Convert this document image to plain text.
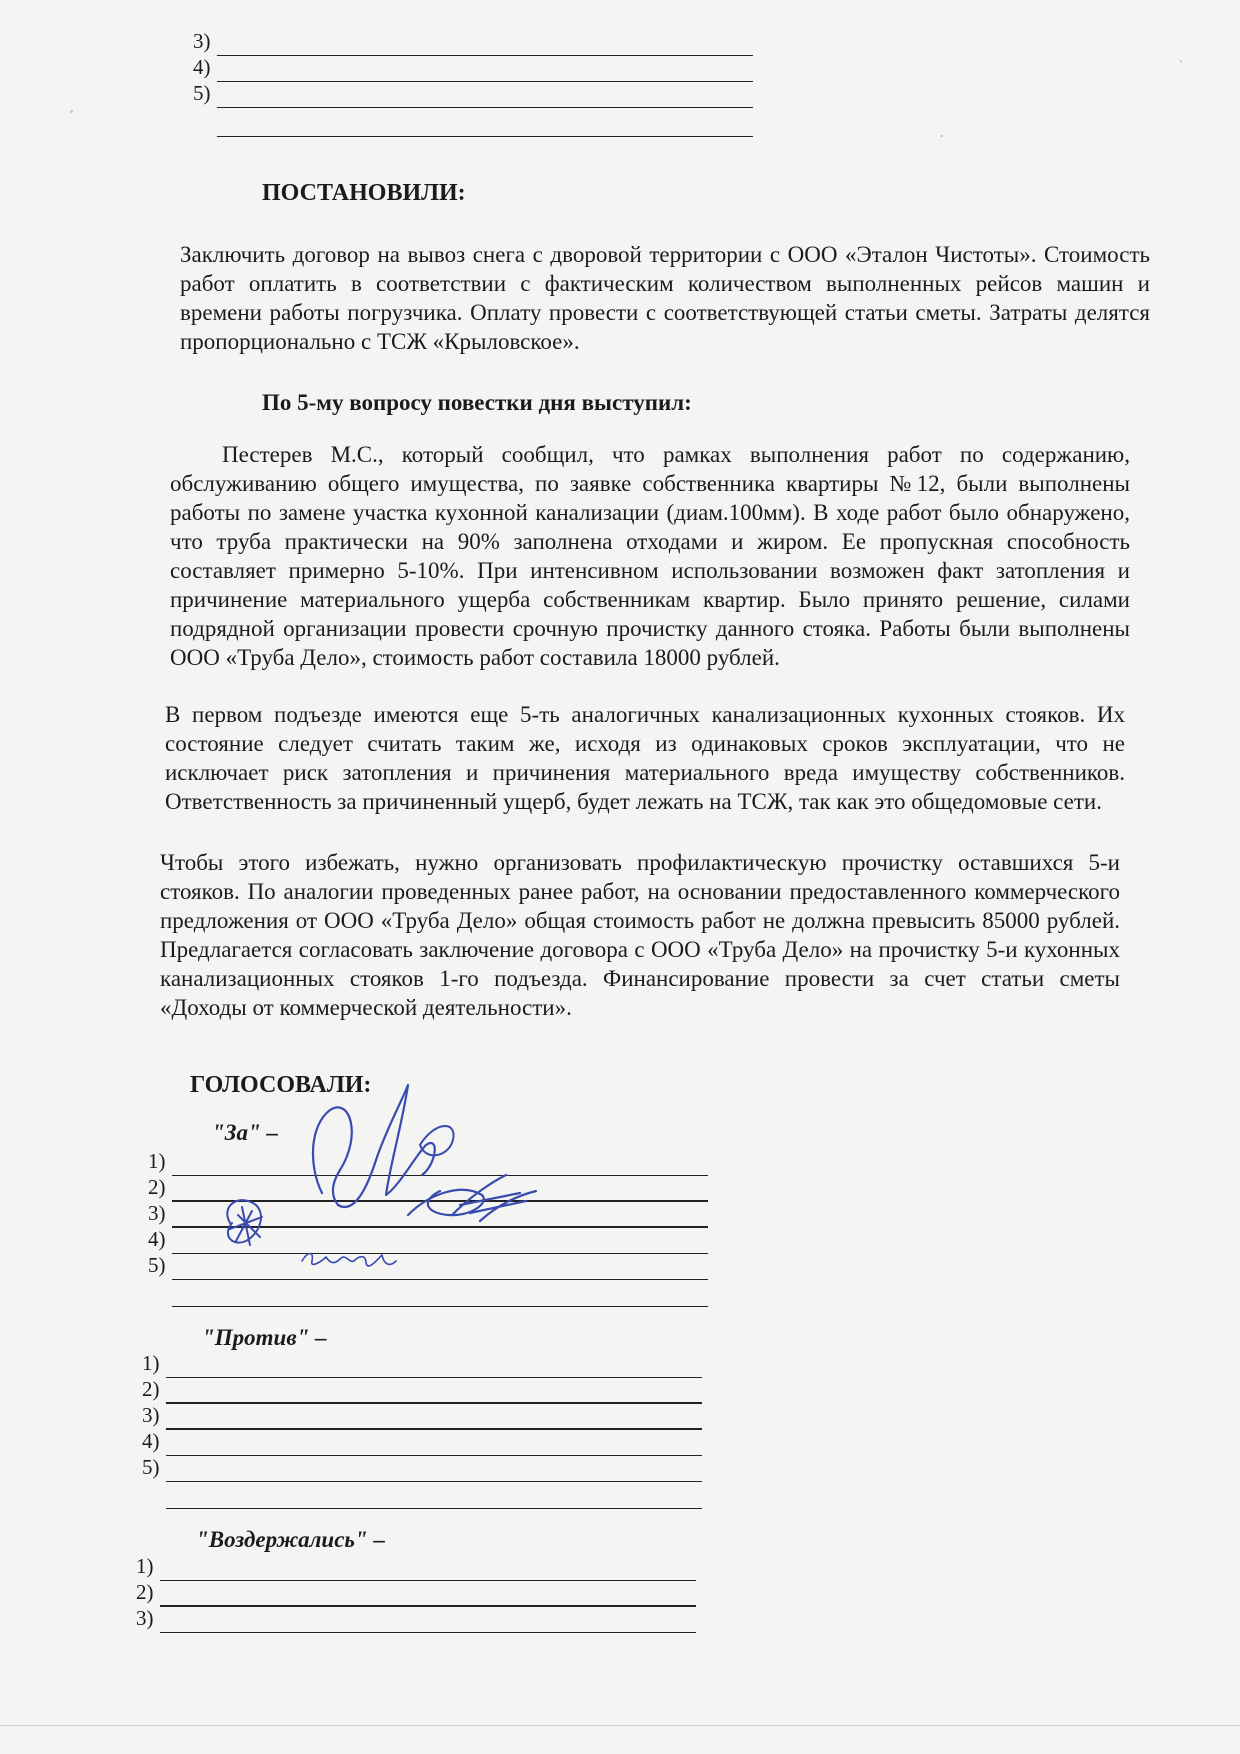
3)
4)
5)
ПОСТАНОВИЛИ:

Заключить договор на вывоз снега с дворовой территории с ООО «Эталон Чистоты». Стоимость работ оплатить в соответствии с фактическим количеством выполненных рейсов машин и времени работы погрузчика. Оплату провести с соответствующей статьи сметы. Затраты делятся пропорционально с ТСЖ «Крыловское».

По 5-му вопросу повестки дня выступил:

Пестерев М.С., который сообщил, что рамках выполнения работ по содержанию, обслуживанию общего имущества, по заявке собственника квартиры №12, были выполнены работы по замене участка кухонной канализации (диам.100мм). В ходе работ было обнаружено, что труба практически на 90% заполнена отходами и жиром. Ее пропускная способность составляет примерно 5-10%. При интенсивном использовании возможен факт затопления и причинение материального ущерба собственникам квартир. Было принято решение, силами подрядной организации провести срочную прочистку данного стояка. Работы были выполнены ООО «Труба Дело», стоимость работ составила 18000 рублей.

В первом подъезде имеются еще 5-ть аналогичных канализационных кухонных стояков. Их состояние следует считать таким же, исходя из одинаковых сроков эксплуатации, что не исключает риск затопления и причинения материального вреда имуществу собственников. Ответственность за причиненный ущерб, будет лежать на ТСЖ, так как это общедомовые сети.

Чтобы этого избежать, нужно организовать профилактическую прочистку оставшихся 5-и стояков. По аналогии проведенных ранее работ, на основании предоставленного коммерческого предложения от ООО «Труба Дело» общая стоимость работ не должна превысить 85000 рублей. Предлагается согласовать заключение договора с ООО «Труба Дело» на прочистку 5-и кухонных канализационных стояков 1-го подъезда. Финансирование провести за счет статьи сметы «Доходы от коммерческой деятельности».

ГОЛОСОВАЛИ:
"За" –
1)
2)
3)
4)
5)
"Против" –
1)
2)
3)
4)
5)
"Воздержались" –
1)
2)
3)
